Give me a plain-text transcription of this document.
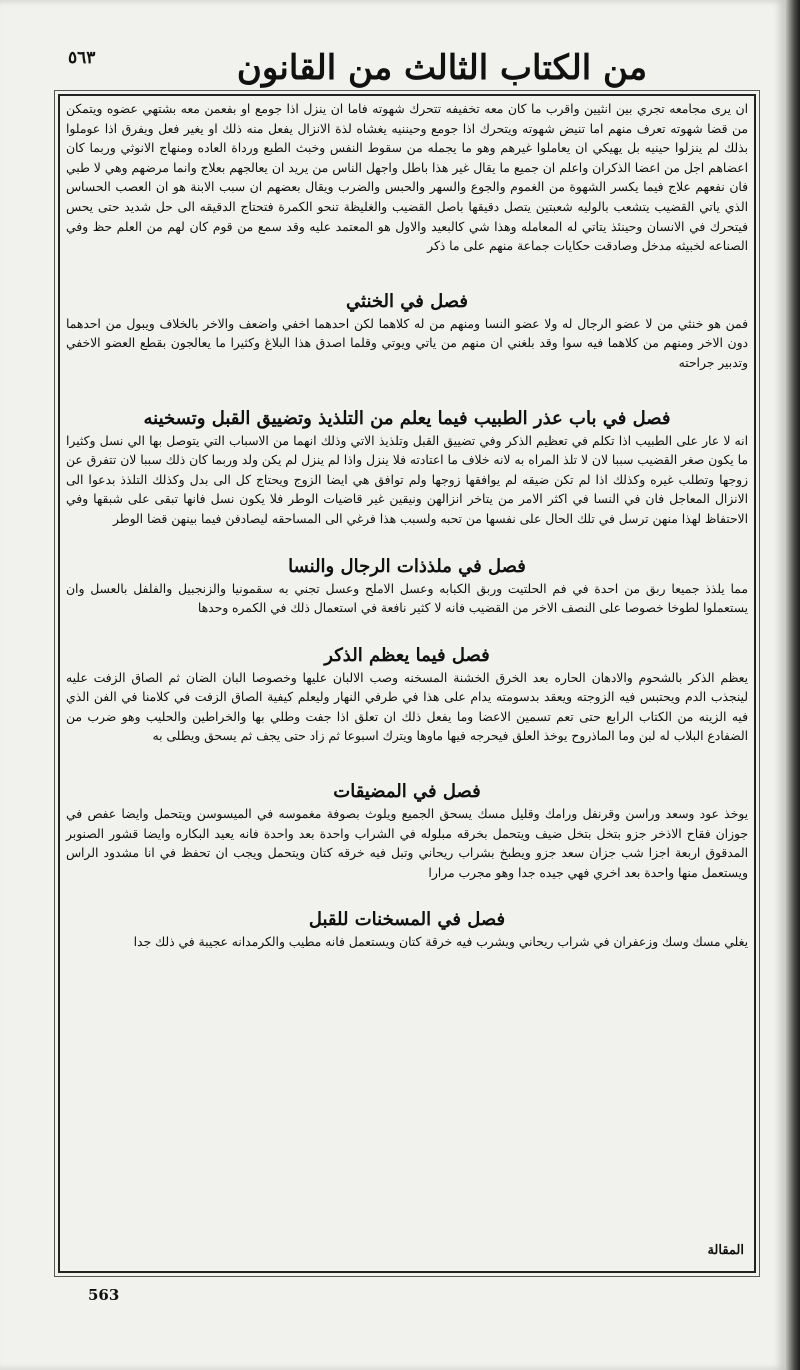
٥٦٣	من الكتاب الثالث من القانون

ان يرى مجامعه تجري بين انثيين واقرب ما كان معه تخفيفه تتحرك شهوته فاما ان ينزل اذا جومع او بفعمن معه بشتهي عضوه ويتمكن من قضا شهوته تعرف منهم اما تنيض شهوته ويتحرك اذا جومع وحيننيه يغشاه لذة الانزال يفعل منه ذلك او يغير فعل ويفرق اذا عوملوا بذلك لم ينزلوا حينيه بل يهيكي ان يعاملوا غيرهم وهو ما يجمله من سقوط النفس وخبث الطبع ورداة العاده ومنهاج الانوثي وربما كان اعضاهم اجل من اعضا الذكران واعلم ان جميع ما يقال غير هذا باطل واجهل الناس من يريد ان يعالجهم بعلاج وانما مرضهم وهي لا طبي فان نفعهم علاج فيما يكسر الشهوة من الغموم والجوع والسهر والحبس والضرب ويقال بعضهم ان سبب الابنة هو ان العصب الحساس الذي ياتي القضيب يتشعب بالوليه شعبتين يتصل دقيقها باصل القضيب والغليظة تنحو الكمرة فتحتاج الدقيقه الى حل شديد حتى يحس فيتحرك في الانسان وحينئذ يتاتي له المعامله وهذا شي كالبعيد والاول هو المعتمد عليه وقد سمع من قوم كان لهم من العلم حظ وفي الصناعه لخبيثه مدخل وصادقت حكايات جماعة منهم على ما ذكر

فصل في الخنثي

فمن هو خنثي من لا عضو الرجال له ولا عضو النسا ومنهم من له كلاهما لكن احدهما اخفي واضعف والاخر بالخلاف ويبول من احدهما دون الاخر ومنهم من كلاهما فيه سوا وقد بلغني ان منهم من ياتي ويوتي وقلما اصدق هذا البلاغ وكثيرا ما يعالجون بقطع العضو الاخفي وتدبير جراحته

فصل في باب عذر الطبيب فيما يعلم من التلذيذ وتضييق القبل وتسخينه

انه لا عار على الطبيب اذا تكلم في تعظيم الذكر وفي تضييق القبل وتلذيذ الاتي وذلك انهما من الاسباب التي يتوصل بها الي نسل وكثيرا ما يكون صغر القضيب سببا لان لا تلذ المراه به لانه خلاف ما اعتادته فلا ينزل واذا لم ينزل لم يكن ولد وربما كان ذلك سببا لان تتفرق عن زوجها وتطلب غيره وكذلك اذا لم تكن ضيقه لم يوافقها زوجها ولم توافق هي ايضا الزوج ويحتاج كل الى بدل وكذلك التلذذ بدعوا الى الانزال المعاجل فان في النسا في اكثر الامر من يتاخر انزالهن ونيقين غير قاضيات الوطر فلا يكون نسل فانها تبقى على شبقها وفي الاحتفاظ لهذا منهن ترسل في تلك الحال على نفسها من تحبه ولسبب هذا فرغي الى المساحقه ليصادفن فيما بينهن قضا الوطر

فصل في ملذذات الرجال والنسا

مما يلذذ جميعا ربق من احدة في فم الحلتيت وربق الكبابه وعسل الاملح وعسل تجني به سقمونيا والزنجبيل والفلفل بالعسل وان يستعملوا لطوخا خصوصا على النصف الاخر من القضيب فانه لا كثير نافعة في استعمال ذلك في الكمره وحدها

فصل فيما يعظم الذكر

يعظم الذكر بالشحوم والادهان الحاره بعد الخرق الخشنة المسخنه وصب الالبان عليها وخصوصا البان الضان ثم الصاق الزفت عليه لينجذب الدم ويحتبس فيه الزوجته ويعقد بدسومته يدام على هذا في طرفي النهار وليعلم كيفية الصاق الزفت في كلامنا في الفن الذي فيه الزينه من الكتاب الرابع حتى تعم تسمين الاعضا وما يفعل ذلك ان تعلق اذا جفت وطلي بها والخراطين والحليب وهو ضرب من الضفادع البلاب له لبن وما الماذروح يوخذ العلق فيحرجه فيها ماوها ويترك اسبوعا ثم زاد حتى يجف ثم يسحق ويطلى به

فصل في المضيقات

يوخذ عود وسعد وراسن وقرنفل ورامك وقليل مسك يسحق الجميع ويلوث بصوفة مغموسه في الميسوسن ويتحمل وايضا عفص في جوزان فقاح الاذخر جزو بتخل بتخل ضيف ويتحمل بخرقه مبلوله في الشراب واحدة بعد واحدة فانه يعيد البكاره وايضا قشور الصنوبر المدقوق اربعة اجزا شب جزان سعد جزو ويطبخ بشراب ريحاني وتبل فيه خرقه كتان ويتحمل ويجب ان تحفظ في انا مشدود الراس ويستعمل منها واحدة بعد اخري فهي جيده جدا وهو مجرب مرارا

فصل في المسخنات للقبل

يغلي مسك وسك وزعفران في شراب ريحاني ويشرب فيه خرقة كتان ويستعمل فانه مطيب والكرمدانه عجيبة في ذلك جدا

المقالة
563
